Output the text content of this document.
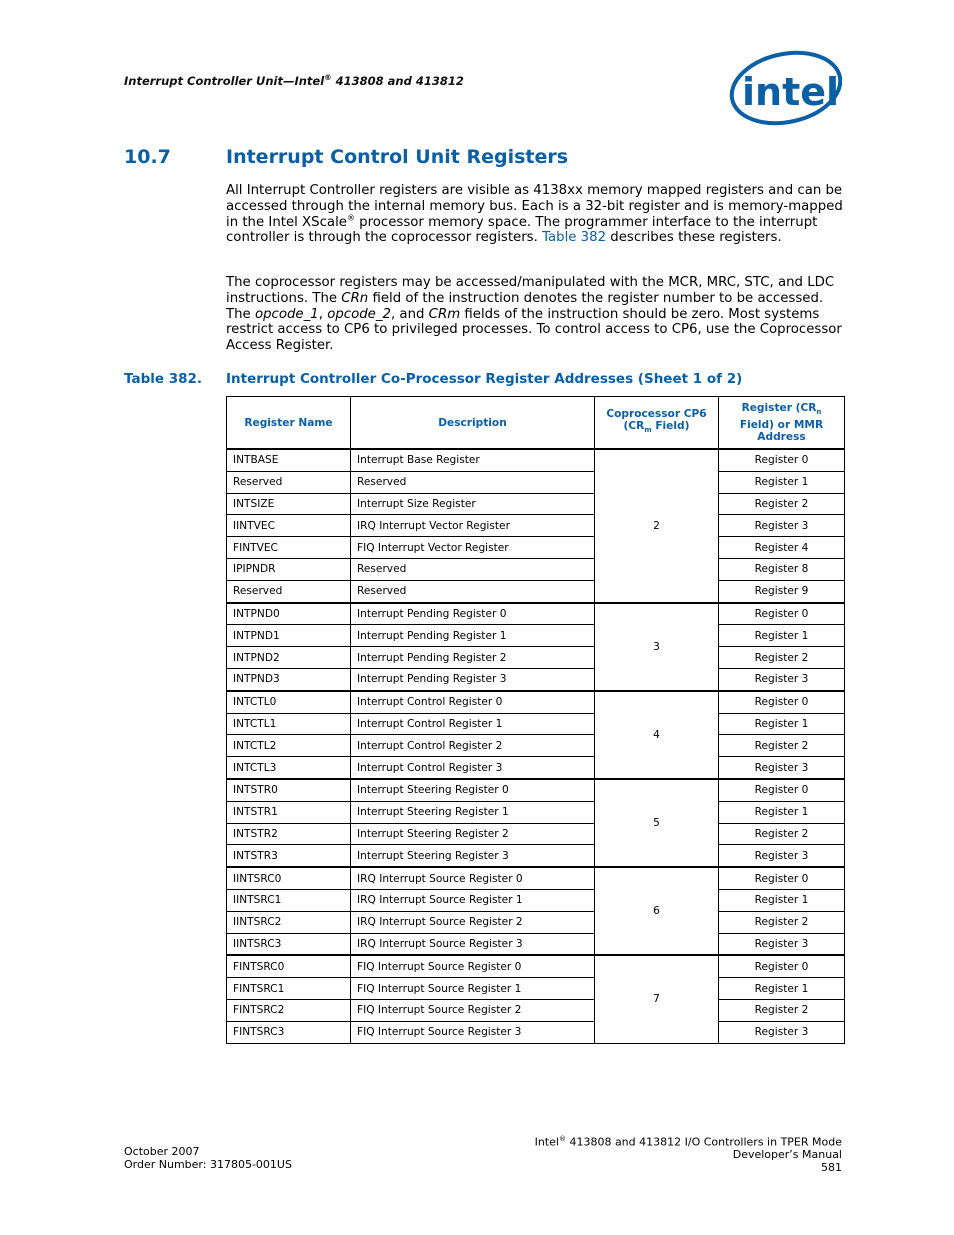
Interrupt Controller Unit—Intel® 413808 and 413812	intel
10.7	Interrupt Control Unit Registers

All Interrupt Controller registers are visible as 4138xx memory mapped registers and can be accessed through the internal memory bus. Each is a 32-bit register and is memory-mapped in the Intel XScale® processor memory space. The programmer interface to the interrupt controller is through the coprocessor registers. Table 382 describes these registers.

The coprocessor registers may be accessed/manipulated with the MCR, MRC, STC, and LDC instructions. The CRn field of the instruction denotes the register number to be accessed. The opcode_1, opcode_2, and CRm fields of the instruction should be zero. Most systems restrict access to CP6 to privileged processes. To control access to CP6, use the Coprocessor Access Register.

Table 382. Interrupt Controller Co-Processor Register Addresses (Sheet 1 of 2)
Register Name	Description	Coprocessor CP6
($CR_m$ Field)	Register ($CR_n$
Field) or MMR
Address
INTBASE	Interrupt Base Register	2	Register 0
Reserved	Reserved		Register 1
INTSIZE	Interrupt Size Register		Register 2
IINTVEC	IRQ Interrupt Vector Register		Register 3
FINTVEC	FIQ Interrupt Vector Register		Register 4
IPIPNDR	Reserved		Register 8
Reserved	Reserved		Register 9
INTPND0	Interrupt Pending Register 0	3	Register 0
INTPND1	Interrupt Pending Register 1		Register 1
INTPND2	Interrupt Pending Register 2		Register 2
INTPND3	Interrupt Pending Register 3		Register 3
INTCTL0	Interrupt Control Register 0	4	Register 0
INTCTL1	Interrupt Control Register 1		Register 1
INTCTL2	Interrupt Control Register 2		Register 2
INTCTL3	Interrupt Control Register 3		Register 3
INTSTR0	Interrupt Steering Register 0	5	Register 0
INTSTR1	Interrupt Steering Register 1		Register 1
INTSTR2	Interrupt Steering Register 2		Register 2
INTSTR3	Interrupt Steering Register 3		Register 3
IINTSRC0	IRQ Interrupt Source Register 0	6	Register 0
IINTSRC1	IRQ Interrupt Source Register 1		Register 1
IINTSRC2	IRQ Interrupt Source Register 2		Register 2
IINTSRC3	IRQ Interrupt Source Register 3		Register 3
FINTSRC0	FIQ Interrupt Source Register 0	7	Register 0
FINTSRC1	FIQ Interrupt Source Register 1		Register 1
FINTSRC2	FIQ Interrupt Source Register 2		Register 2
FINTSRC3	FIQ Interrupt Source Register 3		Register 3
October 2007
Order Number: 317805-001US
Intel® 413808 and 413812 I/O Controllers in TPER Mode
Developer’s Manual
581
